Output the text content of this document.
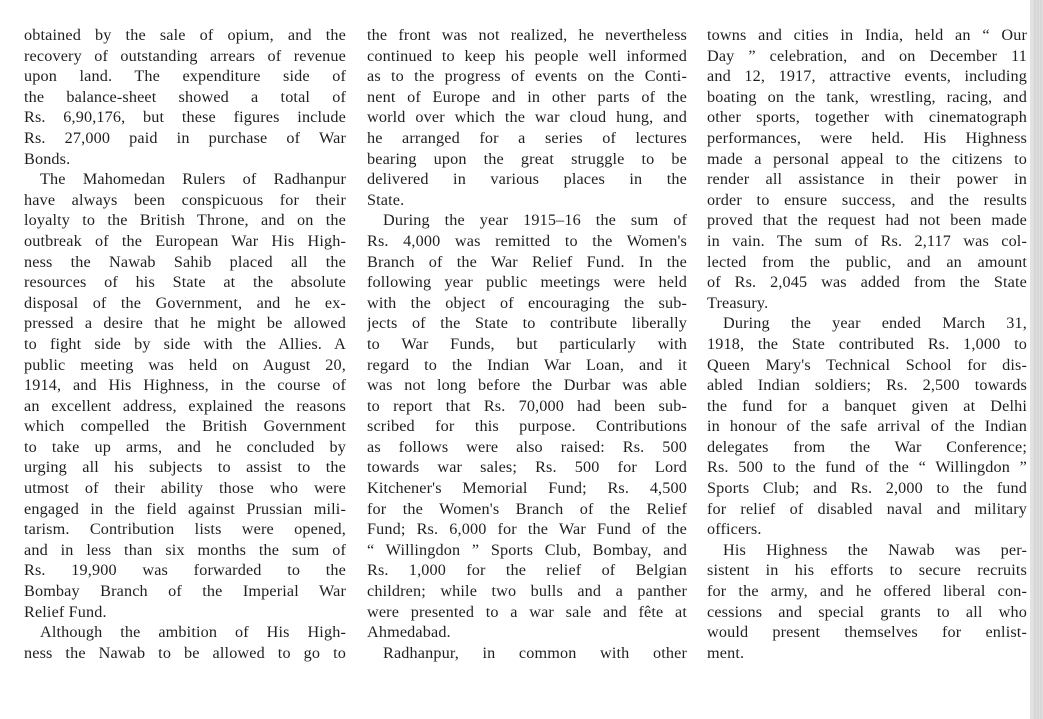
obtained by the sale of opium, and the
recovery of outstanding arrears of revenue
upon land. The expenditure side of
the balance-sheet showed a total of
Rs. 6,90,176, but these figures include
Rs. 27,000 paid in purchase of War
Bonds.
The Mahomedan Rulers of Radhanpur
have always been conspicuous for their
loyalty to the British Throne, and on the
outbreak of the European War His High-
ness the Nawab Sahib placed all the
resources of his State at the absolute
disposal of the Government, and he ex-
pressed a desire that he might be allowed
to fight side by side with the Allies. A
public meeting was held on August 20,
1914, and His Highness, in the course of
an excellent address, explained the reasons
which compelled the British Government
to take up arms, and he concluded by
urging all his subjects to assist to the
utmost of their ability those who were
engaged in the field against Prussian mili-
tarism. Contribution lists were opened,
and in less than six months the sum of
Rs. 19,900 was forwarded to the
Bombay Branch of the Imperial War
Relief Fund.
Although the ambition of His High-
ness the Nawab to be allowed to go to
the front was not realized, he nevertheless
continued to keep his people well informed
as to the progress of events on the Conti-
nent of Europe and in other parts of the
world over which the war cloud hung, and
he arranged for a series of lectures
bearing upon the great struggle to be
delivered in various places in the
State.
During the year 1915–16 the sum of
Rs. 4,000 was remitted to the Women's
Branch of the War Relief Fund. In the
following year public meetings were held
with the object of encouraging the sub-
jects of the State to contribute liberally
to War Funds, but particularly with
regard to the Indian War Loan, and it
was not long before the Durbar was able
to report that Rs. 70,000 had been sub-
scribed for this purpose. Contributions
as follows were also raised: Rs. 500
towards war sales; Rs. 500 for Lord
Kitchener's Memorial Fund; Rs. 4,500
for the Women's Branch of the Relief
Fund; Rs. 6,000 for the War Fund of the
“ Willingdon ” Sports Club, Bombay, and
Rs. 1,000 for the relief of Belgian
children; while two bulls and a panther
were presented to a war sale and fête at
Ahmedabad.
Radhanpur, in common with other
towns and cities in India, held an “ Our
Day ” celebration, and on December 11
and 12, 1917, attractive events, including
boating on the tank, wrestling, racing, and
other sports, together with cinematograph
performances, were held. His Highness
made a personal appeal to the citizens to
render all assistance in their power in
order to ensure success, and the results
proved that the request had not been made
in vain. The sum of Rs. 2,117 was col-
lected from the public, and an amount
of Rs. 2,045 was added from the State
Treasury.
During the year ended March 31,
1918, the State contributed Rs. 1,000 to
Queen Mary's Technical School for dis-
abled Indian soldiers; Rs. 2,500 towards
the fund for a banquet given at Delhi
in honour of the safe arrival of the Indian
delegates from the War Conference;
Rs. 500 to the fund of the “ Willingdon ”
Sports Club; and Rs. 2,000 to the fund
for relief of disabled naval and military
officers.
His Highness the Nawab was per-
sistent in his efforts to secure recruits
for the army, and he offered liberal con-
cessions and special grants to all who
would present themselves for enlist-
ment.
